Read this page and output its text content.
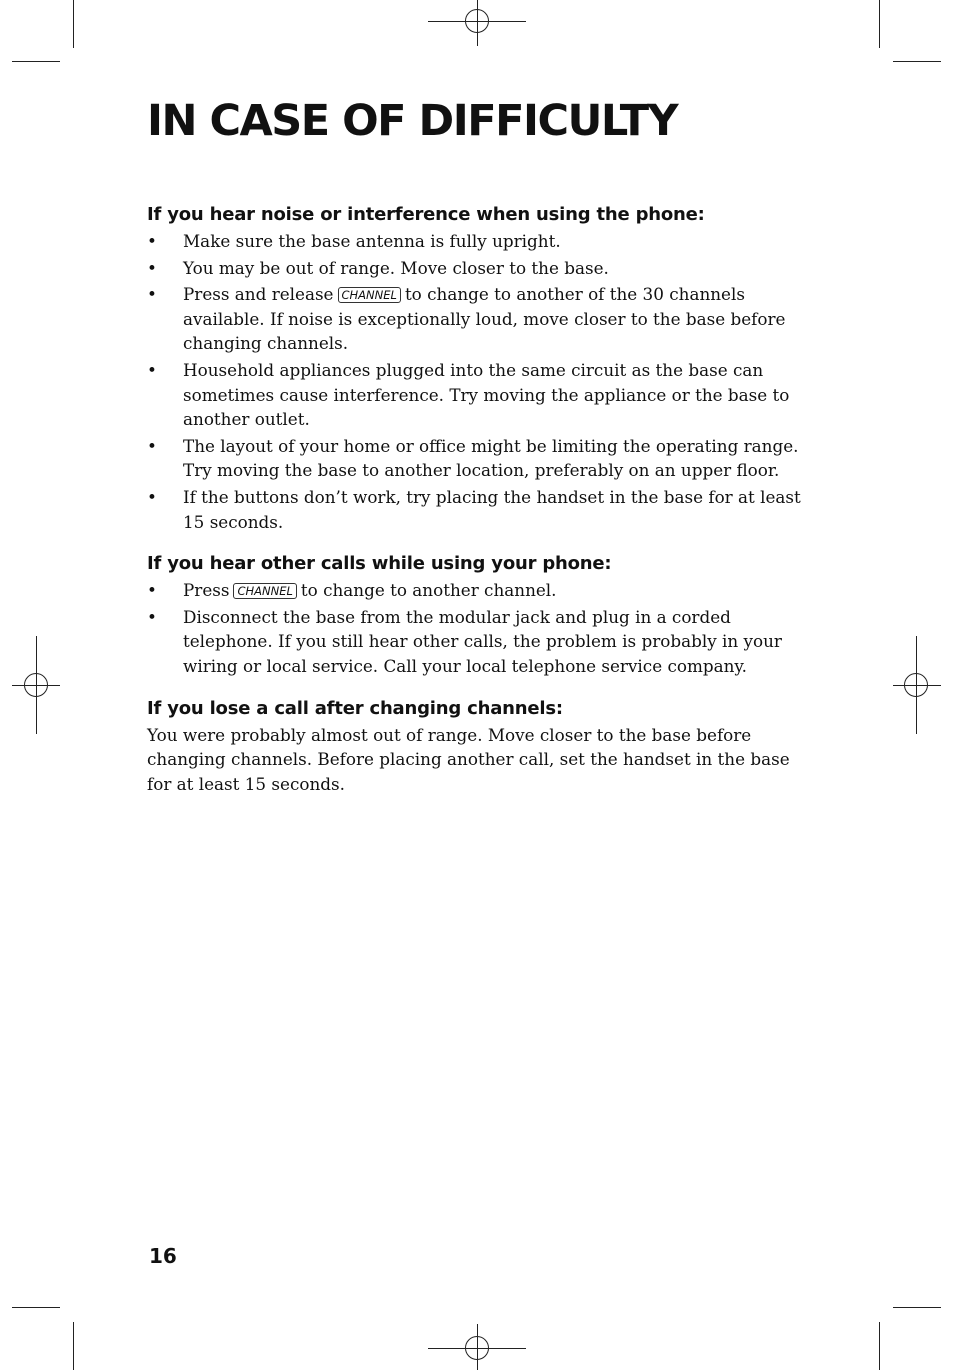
IN CASE OF DIFFICULTY
If you hear noise or interference when using the phone:
• Make sure the base antenna is fully upright.
• You may be out of range. Move closer to the base.
• Press and release CHANNEL to change to another of the 30 channels available. If noise is exceptionally loud, move closer to the base before changing channels.
• Household appliances plugged into the same circuit as the base can sometimes cause interference. Try moving the appliance or the base to another outlet.
• The layout of your home or office might be limiting the operating range. Try moving the base to another location, preferably on an upper floor.
• If the buttons don’t work, try placing the handset in the base for at least 15 seconds.
If you hear other calls while using your phone:
• Press CHANNEL to change to another channel.
• Disconnect the base from the modular jack and plug in a corded telephone. If you still hear other calls, the problem is probably in your wiring or local service. Call your local telephone service company.
If you lose a call after changing channels:

You were probably almost out of range. Move closer to the base before changing channels. Before placing another call, set the handset in the base for at least 15 seconds.

16
